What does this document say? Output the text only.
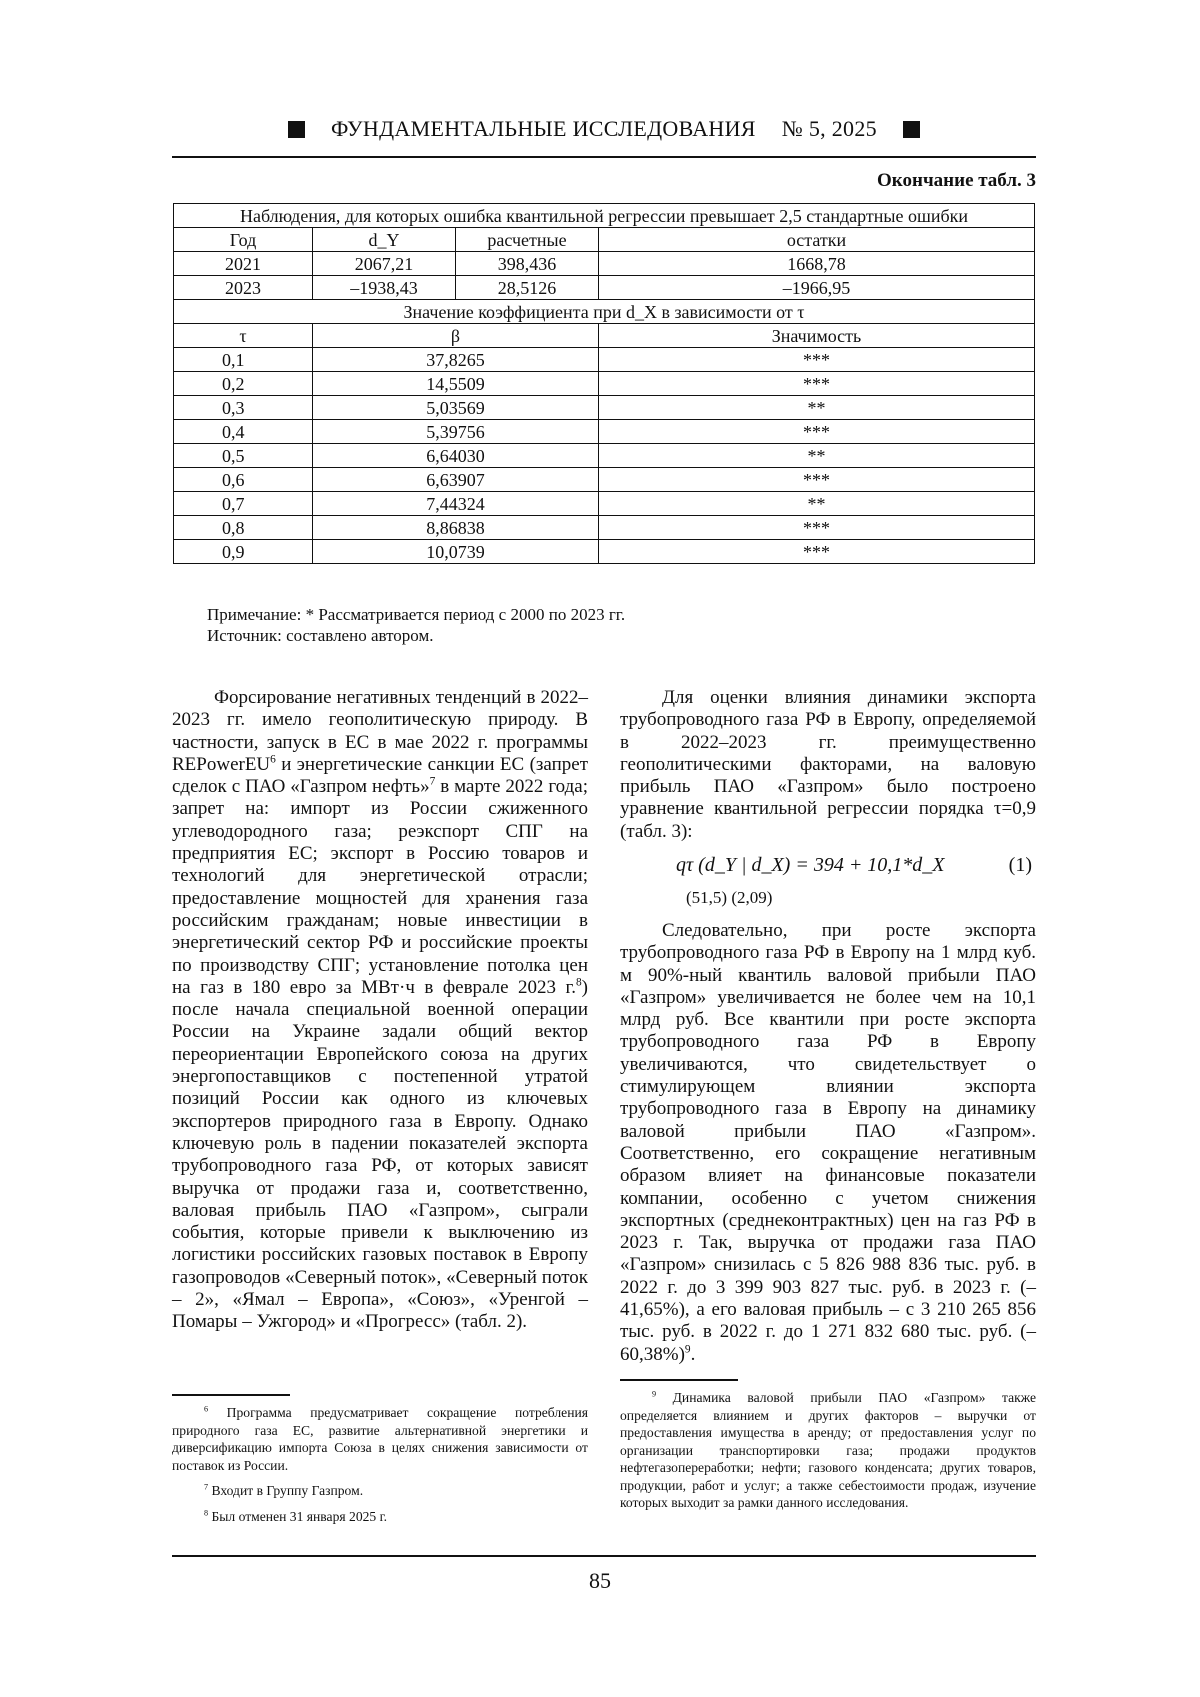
ФУНДАМЕНТАЛЬНЫЕ ИССЛЕДОВАНИЯ № 5, 2025
Окончание табл. 3
Наблюдения, для которых ошибка квантильной регрессии превышает 2,5 стандартные ошибки			
Год	d_Y	расчетные	остатки
2021	2067,21	398,436	1668,78
2023	–1938,43	28,5126	–1966,95
Значение коэффициента при d_X в зависимости от τ			
τ	β		Значимость
0,1	37,8265		***
0,2	14,5509		***
0,3	5,03569		**
0,4	5,39756		***
0,5	6,64030		**
0,6	6,63907		***
0,7	7,44324		**
0,8	8,86838		***
0,9	10,0739		***
Примечание: * Рассматривается период с 2000 по 2023 гг.
Источник: составлено автором.

Форсирование негативных тенденций в 2022–2023 гг. имело геополитическую природу. В частности, запуск в ЕС в мае 2022 г. программы REPowerEU$^6$ и энергетические санкции ЕС (запрет сделок с ПАО «Газпром нефть»$^7$ в марте 2022 года; запрет на: импорт из России сжиженного углеводородного газа; реэкспорт СПГ на предприятия ЕС; экспорт в Россию товаров и технологий для энергетической отрасли; предоставление мощностей для хранения газа российским гражданам; новые инвестиции в энергетический сектор РФ и российские проекты по производству СПГ; установление потолка цен на газ в 180 евро за МВт·ч в феврале 2023 г.$^8$) после начала специальной военной операции России на Украине задали общий вектор переориентации Европейского союза на других энергопоставщиков с постепенной утратой позиций России как одного из ключевых экспортеров природного газа в Европу. Однако ключевую роль в падении показателей экспорта трубопроводного газа РФ, от которых зависят выручка от продажи газа и, соответственно, валовая прибыль ПАО «Газпром», сыграли события, которые привели к выключению из логистики российских газовых поставок в Европу газопроводов «Северный поток», «Северный поток – 2», «Ямал – Европа», «Союз», «Уренгой – Помары – Ужгород» и «Прогресс» (табл. 2).

Для оценки влияния динамики экспорта трубопроводного газа РФ в Европу, определяемой в 2022–2023 гг. преимущественно геополитическими факторами, на валовую прибыль ПАО «Газпром» было построено уравнение квантильной регрессии порядка τ=0,9 (табл. 3):

qτ (d_Y | d_X) = 394 + 10,1*d_X	(1)
(51,5) (2,09)

Следовательно, при росте экспорта трубопроводного газа РФ в Европу на 1 млрд куб. м 90%-ный квантиль валовой прибыли ПАО «Газпром» увеличивается не более чем на 10,1 млрд руб. Все квантили при росте экспорта трубопроводного газа РФ в Европу увеличиваются, что свидетельствует о стимулирующем влиянии экспорта трубопроводного газа в Европу на динамику валовой прибыли ПАО «Газпром». Соответственно, его сокращение негативным образом влияет на финансовые показатели компании, особенно с учетом снижения экспортных (среднеконтрактных) цен на газ РФ в 2023 г. Так, выручка от продажи газа ПАО «Газпром» снизилась с 5 826 988 836 тыс. руб. в 2022 г. до 3 399 903 827 тыс. руб. в 2023 г. (–41,65%), а его валовая прибыль – с 3 210 265 856 тыс. руб. в 2022 г. до 1 271 832 680 тыс. руб. $(-60,38\%)^9$.

$^6$ Программа предусматривает сокращение потребления природного газа ЕС, развитие альтернативной энергетики и диверсификацию импорта Союза в целях снижения зависимости от поставок из России.

$^7$ Входит в Группу Газпром.

$^8$ Был отменен 31 января 2025 г.

$^9$ Динамика валовой прибыли ПАО «Газпром» также определяется влиянием и других факторов – выручки от предоставления имущества в аренду; от предоставления услуг по организации транспортировки газа; продажи продуктов нефтегазопереработки; нефти; газового конденсата; других товаров, продукции, работ и услуг; а также себестоимости продаж, изучение которых выходит за рамки данного исследования.

85
